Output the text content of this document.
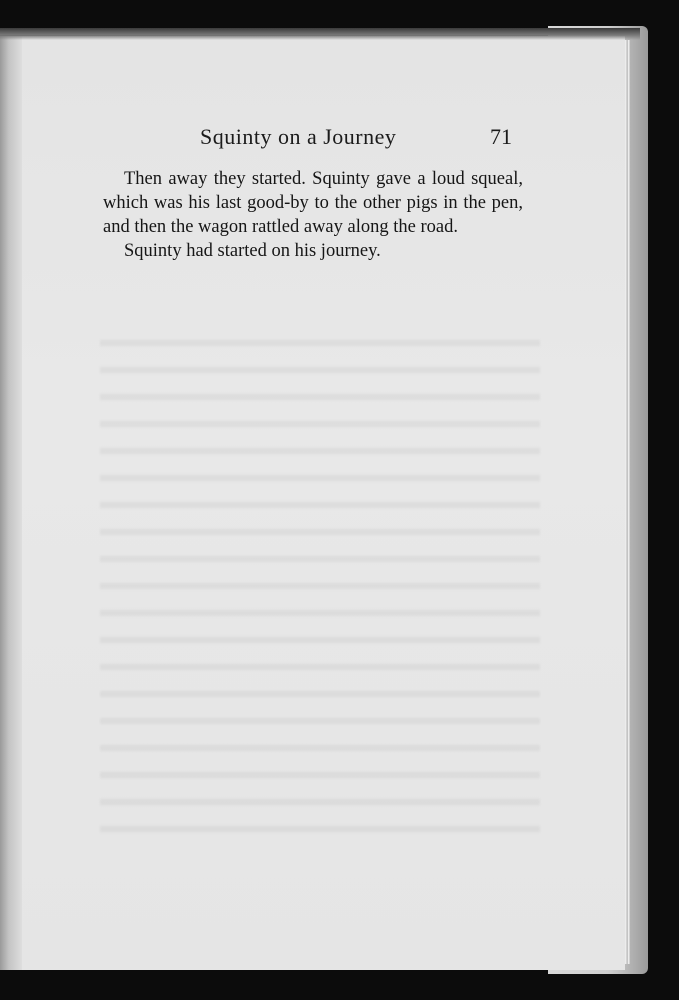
Squinty on a Journey	71

Then away they started. Squinty gave a loud squeal, which was his last good-by to the other pigs in the pen, and then the wagon rattled away along the road.

Squinty had started on his journey.
